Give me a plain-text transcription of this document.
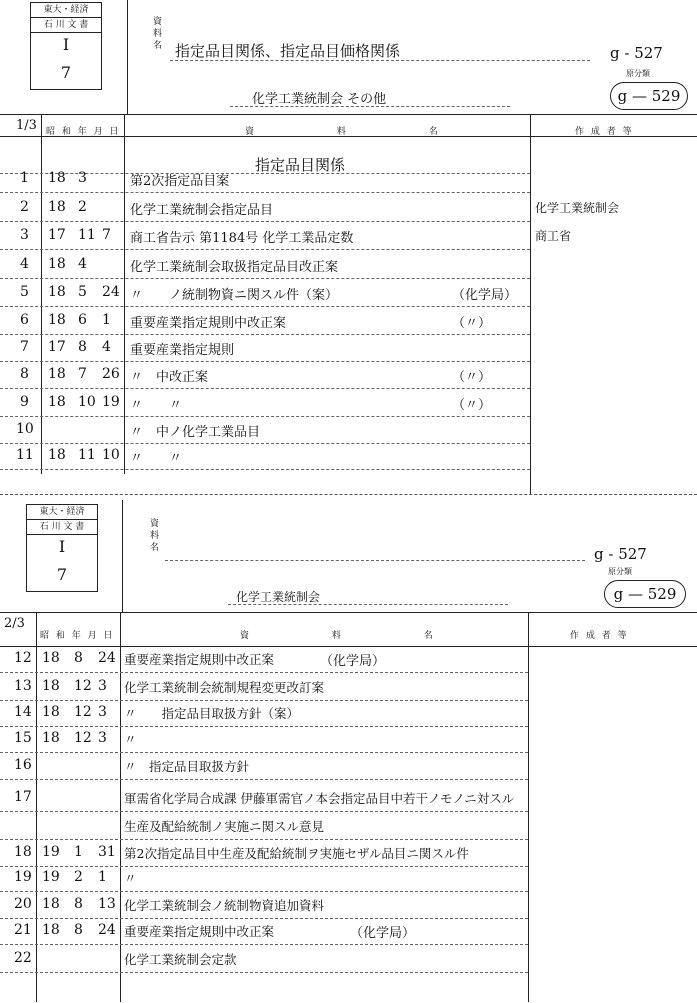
東大・経済
石 川 文 書
I
7
資 料 名 指定品目関係、指定品目価格関係	g - 527
原分類
g — 529
化学工業統制会 その他
1/3 昭 和 年 月 日	資 料 名	作 成 者 等
指定品目関係
1 18 3	第2次指定品目案
2 18 2	化学工業統制会指定品目	化学工業統制会
3 17 11 7 商工省告示 第1184号 化学工業品定数	商工省
4 18 4	化学工業統制会取扱指定品目改正案
5 18 5 24 〃　　ノ統制物資ニ関スル件（案）	（化学局）
6 18 6 1 重要産業指定規則中改正案	（〃）
7 17 8 4 重要産業指定規則
8 18 7 26 〃　中改正案	（〃）
9 18 10 19 〃　　〃	（〃）
10	〃　中ノ化学工業品目
11 18 11 10 〃　　〃
東大・経済
石 川 文 書
I
7
資 料 名	g - 527
原分類
g — 529
化学工業統制会
2/3
昭 和 年 月 日	資 料 名	作 成 者 等
12 18 8 24 重要産業指定規則中改正案	（化学局）
13 18 12 3 化学工業統制会統制規程変更改訂案
14 18 12 3 〃　　指定品目取扱方針（案）
15 18 12 3 〃
16	〃　指定品目取扱方針
17	軍需省化学局合成課 伊藤軍需官ノ本会指定品目中若干ノモノニ対スル
生産及配給統制ノ実施ニ関スル意見
18 19 1 31 第2次指定品目中生産及配給統制ヲ実施セザル品目ニ関スル件
19 19 2 1 〃
20 18 8 13 化学工業統制会ノ統制物資追加資料
21 18 8 24 重要産業指定規則中改正案	（化学局）
22	化学工業統制会定款
